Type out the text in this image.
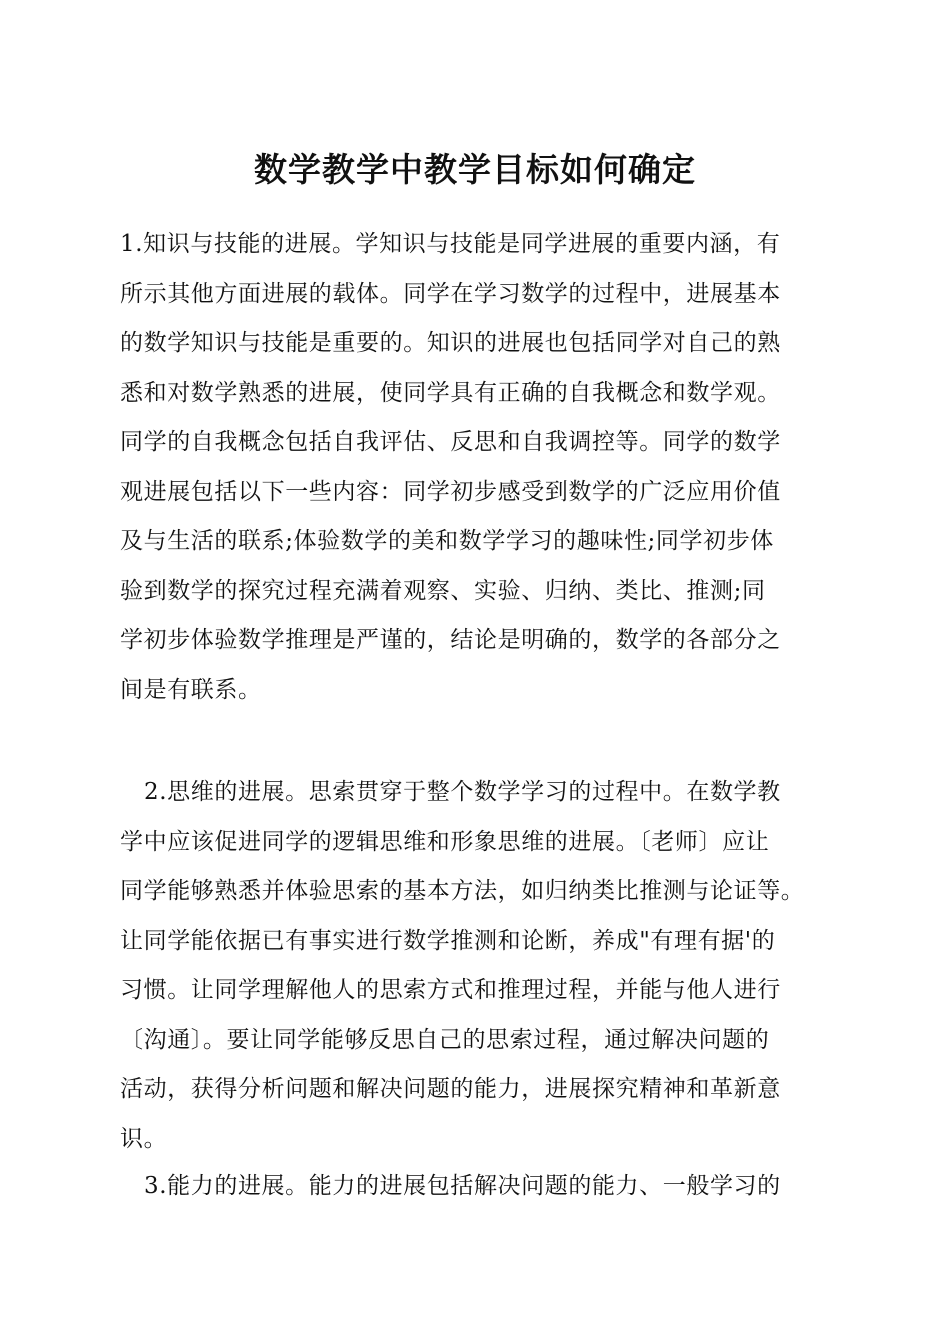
数学教学中教学目标如何确定
1.知识与技能的进展。学知识与技能是同学进展的重要内涵，有
所示其他方面进展的载体。同学在学习数学的过程中，进展基本
的数学知识与技能是重要的。知识的进展也包括同学对自己的熟
悉和对数学熟悉的进展，使同学具有正确的自我概念和数学观。
同学的自我概念包括自我评估、反思和自我调控等。同学的数学
观进展包括以下一些内容：同学初步感受到数学的广泛应用价值
及与生活的联系;体验数学的美和数学学习的趣味性;同学初步体
验到数学的探究过程充满着观察、实验、归纳、类比、推测;同
学初步体验数学推理是严谨的，结论是明确的，数学的各部分之
间是有联系。
2.思维的进展。思索贯穿于整个数学学习的过程中。在数学教
学中应该促进同学的逻辑思维和形象思维的进展。〔老师〕应让
同学能够熟悉并体验思索的基本方法，如归纳类比推测与论证等。
让同学能依据已有事实进行数学推测和论断，养成"有理有据'的
习惯。让同学理解他人的思索方式和推理过程，并能与他人进行
〔沟通〕。要让同学能够反思自己的思索过程，通过解决问题的
活动，获得分析问题和解决问题的能力，进展探究精神和革新意
识。
3.能力的进展。能力的进展包括解决问题的能力、一般学习的
